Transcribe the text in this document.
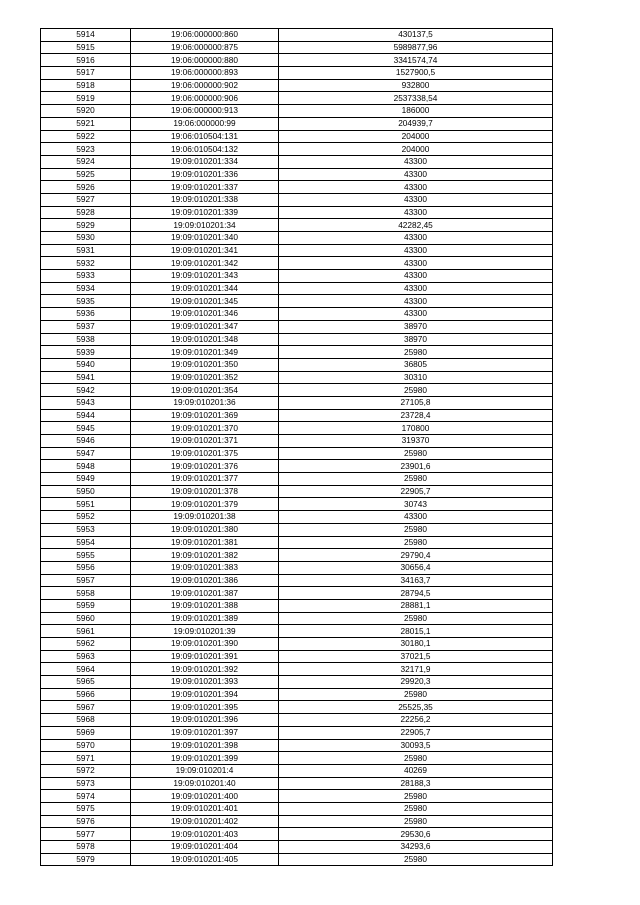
5914	19:06:000000:860	430137,5
5915	19:06:000000:875	5989877,96
5916	19:06:000000:880	3341574,74
5917	19:06:000000:893	1527900,5
5918	19:06:000000:902	932800
5919	19:06:000000:906	2537338,54
5920	19:06:000000:913	186000
5921	19:06:000000:99	204939,7
5922	19:06:010504:131	204000
5923	19:06:010504:132	204000
5924	19:09:010201:334	43300
5925	19:09:010201:336	43300
5926	19:09:010201:337	43300
5927	19:09:010201:338	43300
5928	19:09:010201:339	43300
5929	19:09:010201:34	42282,45
5930	19:09:010201:340	43300
5931	19:09:010201:341	43300
5932	19:09:010201:342	43300
5933	19:09:010201:343	43300
5934	19:09:010201:344	43300
5935	19:09:010201:345	43300
5936	19:09:010201:346	43300
5937	19:09:010201:347	38970
5938	19:09:010201:348	38970
5939	19:09:010201:349	25980
5940	19:09:010201:350	36805
5941	19:09:010201:352	30310
5942	19:09:010201:354	25980
5943	19:09:010201:36	27105,8
5944	19:09:010201:369	23728,4
5945	19:09:010201:370	170800
5946	19:09:010201:371	319370
5947	19:09:010201:375	25980
5948	19:09:010201:376	23901,6
5949	19:09:010201:377	25980
5950	19:09:010201:378	22905,7
5951	19:09:010201:379	30743
5952	19:09:010201:38	43300
5953	19:09:010201:380	25980
5954	19:09:010201:381	25980
5955	19:09:010201:382	29790,4
5956	19:09:010201:383	30656,4
5957	19:09:010201:386	34163,7
5958	19:09:010201:387	28794,5
5959	19:09:010201:388	28881,1
5960	19:09:010201:389	25980
5961	19:09:010201:39	28015,1
5962	19:09:010201:390	30180,1
5963	19:09:010201:391	37021,5
5964	19:09:010201:392	32171,9
5965	19:09:010201:393	29920,3
5966	19:09:010201:394	25980
5967	19:09:010201:395	25525,35
5968	19:09:010201:396	22256,2
5969	19:09:010201:397	22905,7
5970	19:09:010201:398	30093,5
5971	19:09:010201:399	25980
5972	19:09:010201:4	40269
5973	19:09:010201:40	28188,3
5974	19:09:010201:400	25980
5975	19:09:010201:401	25980
5976	19:09:010201:402	25980
5977	19:09:010201:403	29530,6
5978	19:09:010201:404	34293,6
5979	19:09:010201:405	25980
